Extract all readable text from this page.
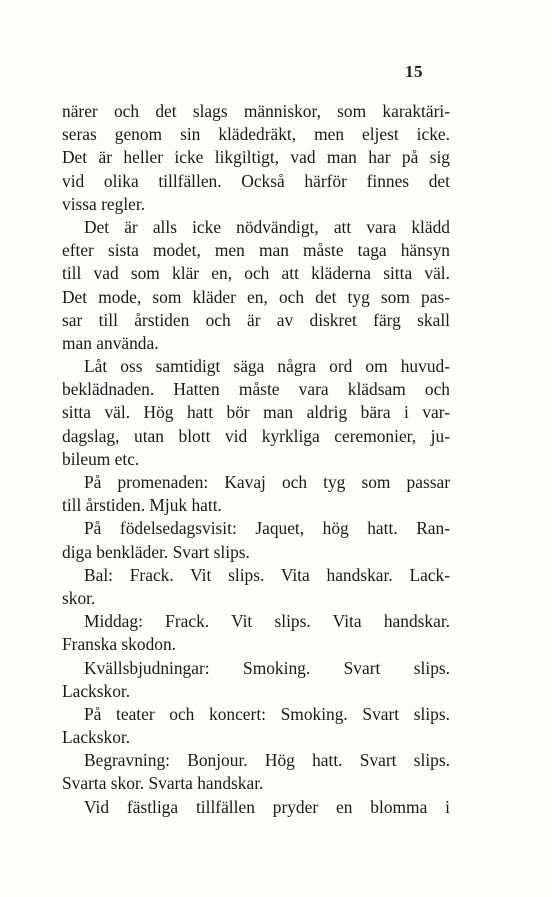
15
närer och det slags människor, som karaktäri-
seras genom sin klädedräkt, men eljest icke.
Det är heller icke likgiltigt, vad man har på sig
vid olika tillfällen. Också härför finnes det
vissa regler.
Det är alls icke nödvändigt, att vara klädd
efter sista modet, men man måste taga hänsyn
till vad som klär en, och att kläderna sitta väl.
Det mode, som kläder en, och det tyg som pas-
sar till årstiden och är av diskret färg skall
man använda.
Låt oss samtidigt säga några ord om huvud-
beklädnaden. Hatten måste vara klädsam och
sitta väl. Hög hatt bör man aldrig bära i var-
dagslag, utan blott vid kyrkliga ceremonier, ju-
bileum etc.
På promenaden: Kavaj och tyg som passar
till årstiden. Mjuk hatt.
På födelsedagsvisit: Jaquet, hög hatt. Ran-
diga benkläder. Svart slips.
Bal: Frack. Vit slips. Vita handskar. Lack-
skor.
Middag: Frack. Vit slips. Vita handskar.
Franska skodon.
Kvällsbjudningar: Smoking. Svart slips.
Lackskor.
På teater och koncert: Smoking. Svart slips.
Lackskor.
Begravning: Bonjour. Hög hatt. Svart slips.
Svarta skor. Svarta handskar.
Vid fästliga tillfällen pryder en blomma i
